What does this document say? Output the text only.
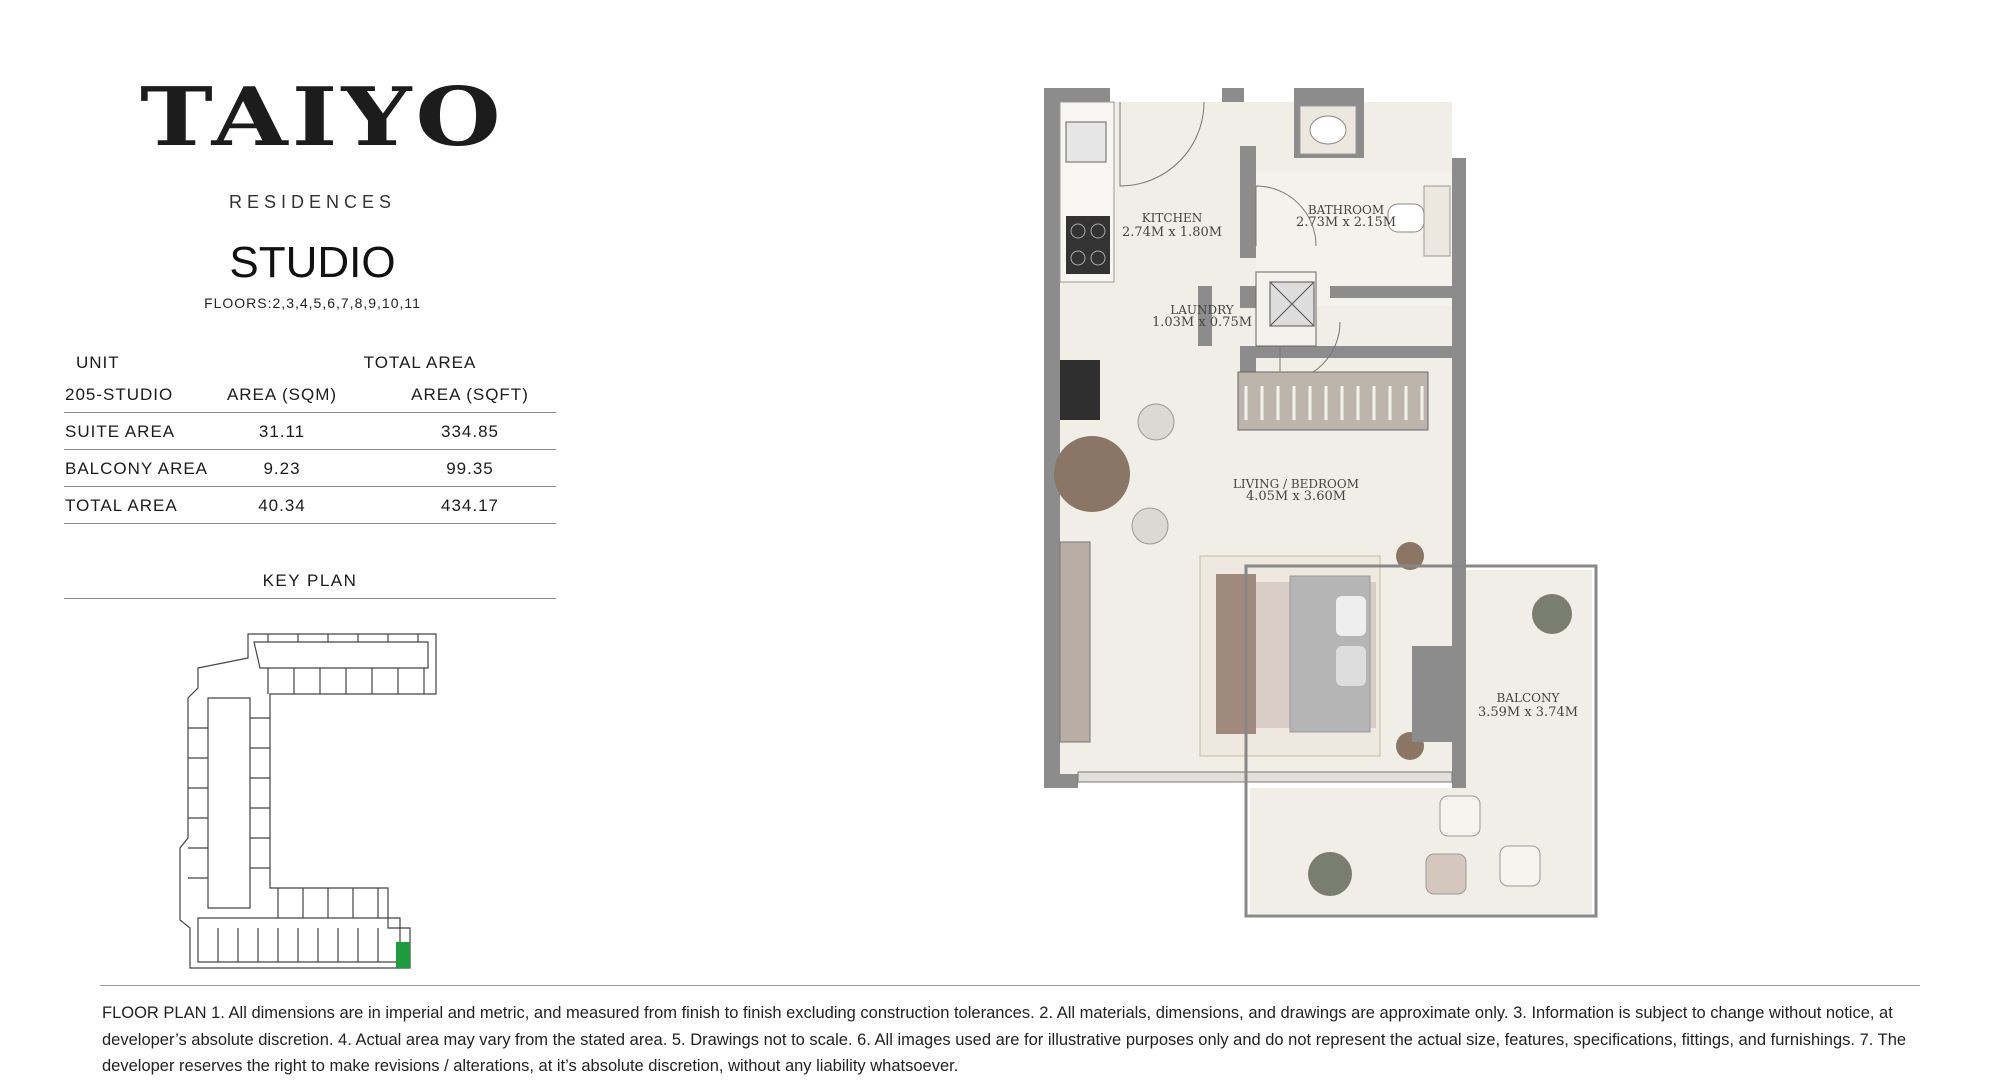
TAIYO
RESIDENCES
STUDIO
FLOORS:2,3,4,5,6,7,8,9,10,11
UNIT	TOTAL AREA
205-STUDIO	AREA (SQM)	AREA (SQFT)
SUITE AREA	31.11	334.85
BALCONY AREA	9.23	99.35
TOTAL AREA	40.34	434.17
KEY PLAN
KITCHEN
2.74M x 1.80M
BATHROOM
2.73M x 2.15M
LAUNDRY
1.03M x 0.75M
LIVING / BEDROOM
4.05M x 3.60M
BALCONY
3.59M x 3.74M
FLOOR PLAN 1. All dimensions are in imperial and metric, and measured from finish to finish excluding construction tolerances. 2. All materials, dimensions, and drawings are approximate only. 3. Information is subject to change without notice, at developer’s absolute discretion. 4. Actual area may vary from the stated area. 5. Drawings not to scale. 6. All images used are for illustrative purposes only and do not represent the actual size, features, specifications, fittings, and furnishings. 7. The developer reserves the right to make revisions / alterations, at it’s absolute discretion, without any liability whatsoever.
